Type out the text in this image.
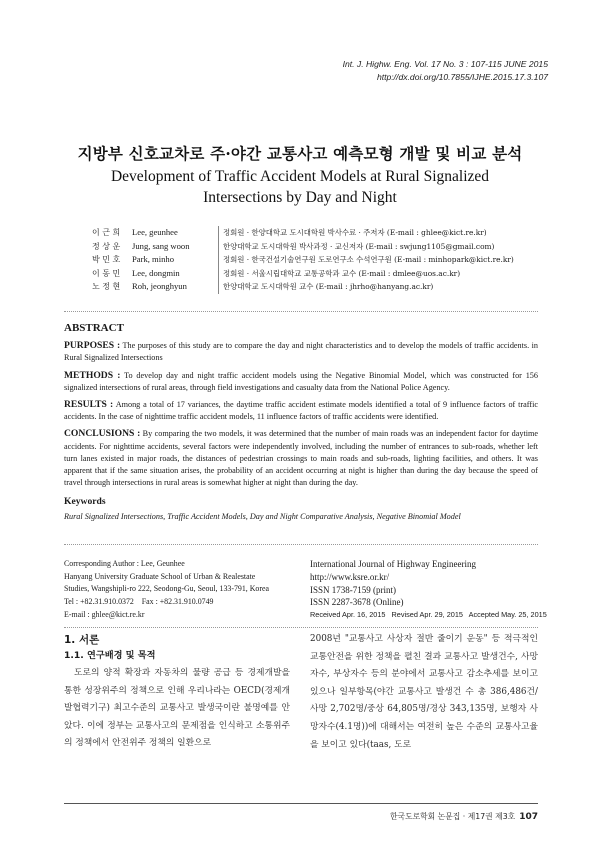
Int. J. Highw. Eng. Vol. 17 No. 3 : 107-115 JUNE 2015
http://dx.doi.org/10.7855/IJHE.2015.17.3.107
지방부 신호교차로 주·야간 교통사고 예측모형 개발 및 비교 분석
Development of Traffic Accident Models at Rural Signalized Intersections by Day and Night
이 근 희	Lee, geunhee	정회원 · 한양대학교 도시대학원 박사수료 · 주저자 (E-mail : ghlee@kict.re.kr)
정 상 운	Jung, sang woon	한양대학교 도시대학원 박사과정 · 교신저자 (E-mail : swjung1105@gmail.com)
박 민 호	Park, minho	정회원 · 한국건설기술연구원 도로연구소 수석연구원 (E-mail : minhopark@kict.re.kr)
이 동 민	Lee, dongmin	정회원 · 서울시립대학교 교통공학과 교수 (E-mail : dmlee@uos.ac.kr)
노 정 현	Roh, jeonghyun	한양대학교 도시대학원 교수 (E-mail : jhrho@hanyang.ac.kr)
ABSTRACT

PURPOSES : The purposes of this study are to compare the day and night characteristics and to develop the models of traffic accidents. in Rural Signalized Intersections

METHODS : To develop day and night traffic accident models using the Negative Binomial Model, which was constructed for 156 signalized intersections of rural areas, through field investigations and casualty data from the National Police Agency.

RESULTS : Among a total of 17 variances, the daytime traffic accident estimate models identified a total of 9 influence factors of traffic accidents. In the case of nighttime traffic accident models, 11 influence factors of traffic accidents were identified.

CONCLUSIONS : By comparing the two models, it was determined that the number of main roads was an independent factor for daytime accidents. For nighttime accidents, several factors were independently involved, including the number of entrances to sub-roads, whether left turn lanes existed in major roads, the distances of pedestrian crossings to main roads and sub-roads, lighting facilities, and others. It was apparent that if the same situation arises, the probability of an accident occurring at night is higher than during the day because the speed of travel through intersections in rural areas is somewhat higher at night than during the day.

Keywords
Rural Signalized Intersections, Traffic Accident Models, Day and Night Comparative Analysis, Negative Binomial Model
Corresponding Author : Lee, Geunhee
Hanyang University Graduate School of Urban & Realestate
Studies, Wangshipli-ro 222, Seodong-Gu, Seoul, 133-791, Korea
Tel : +82.31.910.0372    Fax : +82.31.910.0749
E-mail : ghlee@kict.re.kr
International Journal of Highway Engineering
http://www.ksre.or.kr/
ISSN 1738-7159 (print)
ISSN 2287-3678 (Online)
Received Apr. 16, 2015   Revised Apr. 29, 2015   Accepted May. 25, 2015
1. 서론
1.1. 연구배경 및 목적
도로의 양적 확장과 자동차의 물량 공급 등 경제개발을 통한 성장위주의 정책으로 인해 우리나라는 OECD(경제개발협력기구) 최고수준의 교통사고 발생국이란 불명예를 안았다. 이에 정부는 교통사고의 문제점을 인식하고 소통위주의 정책에서 안전위주 정책의 일환으로
2008년 "교통사고 사상자 절반 줄이기 운동" 등 적극적인 교통안전을 위한 정책을 펼친 결과 교통사고 발생건수, 사망자수, 부상자수 등의 분야에서 교통사고 감소추세를 보이고 있으나 일부항목(야간 교통사고 발생건 수 총 386,486건/사망 2,702명/중상 64,805명/경상 343,135명, 보행자 사망자수(4.1명))에 대해서는 여전히 높은 수준의 교통사고율을 보이고 있다(taas, 도로
한국도로학회 논문집 · 제17권 제3호 107
